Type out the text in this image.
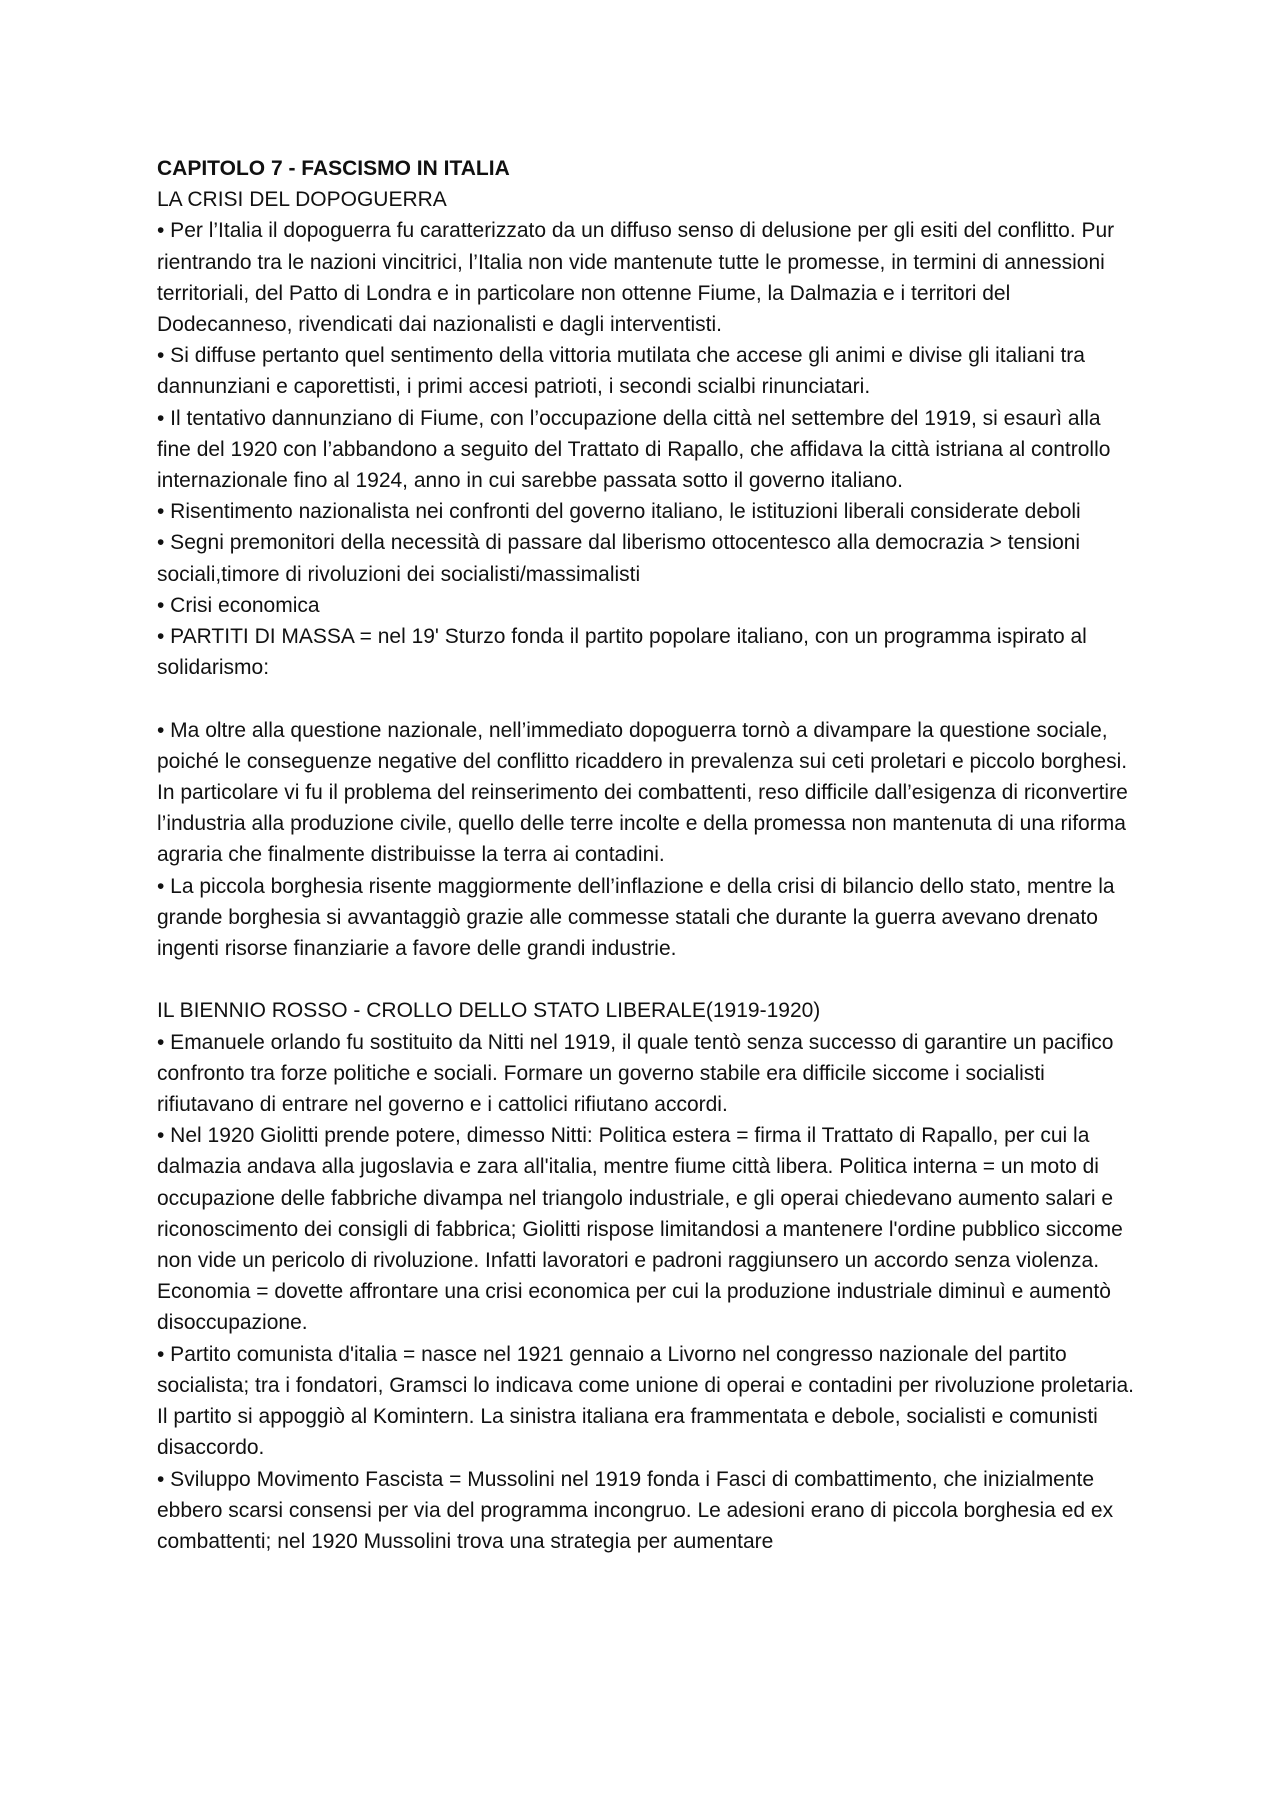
CAPITOLO 7 - FASCISMO IN ITALIA
LA CRISI DEL DOPOGUERRA
• Per l’Italia il dopoguerra fu caratterizzato da un diffuso senso di delusione per gli esiti del conflitto. Pur rientrando tra le nazioni vincitrici, l’Italia non vide mantenute tutte le promesse, in termini di annessioni territoriali, del Patto di Londra e in particolare non ottenne Fiume, la Dalmazia e i territori del Dodecanneso, rivendicati dai nazionalisti e dagli interventisti.
• Si diffuse pertanto quel sentimento della vittoria mutilata che accese gli animi e divise gli italiani tra dannunziani e caporettisti, i primi accesi patrioti, i secondi scialbi rinunciatari.
• Il tentativo dannunziano di Fiume, con l’occupazione della città nel settembre del 1919, si esaurì alla fine del 1920 con l’abbandono a seguito del Trattato di Rapallo, che affidava la città istriana al controllo internazionale fino al 1924, anno in cui sarebbe passata sotto il governo italiano.
• Risentimento nazionalista nei confronti del governo italiano, le istituzioni liberali considerate deboli
• Segni premonitori della necessità di passare dal liberismo ottocentesco alla democrazia > tensioni sociali,timore di rivoluzioni dei socialisti/massimalisti
• Crisi economica
• PARTITI DI MASSA = nel 19' Sturzo fonda il partito popolare italiano, con un programma ispirato al solidarismo:
• Ma oltre alla questione nazionale, nell’immediato dopoguerra tornò a divampare la questione sociale, poiché le conseguenze negative del conflitto ricaddero in prevalenza sui ceti proletari e piccolo borghesi. In particolare vi fu il problema del reinserimento dei combattenti, reso difficile dall’esigenza di riconvertire l’industria alla produzione civile, quello delle terre incolte e della promessa non mantenuta di una riforma agraria che finalmente distribuisse la terra ai contadini.
• La piccola borghesia risente maggiormente dell’inflazione e della crisi di bilancio dello stato, mentre la grande borghesia si avvantaggiò grazie alle commesse statali che durante la guerra avevano drenato ingenti risorse finanziarie a favore delle grandi industrie.
IL BIENNIO ROSSO - CROLLO DELLO STATO LIBERALE(1919-1920)
• Emanuele orlando fu sostituito da Nitti nel 1919, il quale tentò senza successo di garantire un pacifico confronto tra forze politiche e sociali. Formare un governo stabile era difficile siccome i socialisti rifiutavano di entrare nel governo e i cattolici rifiutano accordi.
• Nel 1920 Giolitti prende potere, dimesso Nitti: Politica estera = firma il Trattato di Rapallo, per cui la dalmazia andava alla jugoslavia e zara all'italia, mentre fiume città libera. Politica interna = un moto di occupazione delle fabbriche divampa nel triangolo industriale, e gli operai chiedevano aumento salari e riconoscimento dei consigli di fabbrica; Giolitti rispose limitandosi a mantenere l'ordine pubblico siccome non vide un pericolo di rivoluzione. Infatti lavoratori e padroni raggiunsero un accordo senza violenza. Economia = dovette affrontare una crisi economica per cui la produzione industriale diminuì e aumentò disoccupazione.
• Partito comunista d'italia = nasce nel 1921 gennaio a Livorno nel congresso nazionale del partito socialista; tra i fondatori, Gramsci lo indicava come unione di operai e contadini per rivoluzione proletaria. Il partito si appoggiò al Komintern. La sinistra italiana era frammentata e debole, socialisti e comunisti disaccordo.
• Sviluppo Movimento Fascista = Mussolini nel 1919 fonda i Fasci di combattimento, che inizialmente ebbero scarsi consensi per via del programma incongruo. Le adesioni erano di piccola borghesia ed ex combattenti; nel 1920 Mussolini trova una strategia per aumentare
